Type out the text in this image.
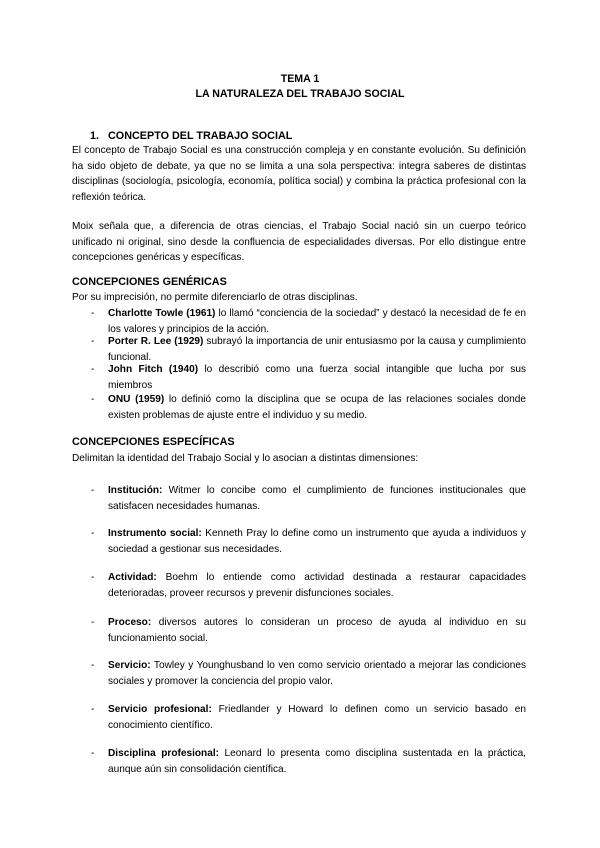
TEMA 1
LA NATURALEZA DEL TRABAJO SOCIAL
1. CONCEPTO DEL TRABAJO SOCIAL

El concepto de Trabajo Social es una construcción compleja y en constante evolución. Su definición ha sido objeto de debate, ya que no se limita a una sola perspectiva: integra saberes de distintas disciplinas (sociología, psicología, economía, política social) y combina la práctica profesional con la reflexión teórica.

Moix señala que, a diferencia de otras ciencias, el Trabajo Social nació sin un cuerpo teórico unificado ni original, sino desde la confluencia de especialidades diversas. Por ello distingue entre concepciones genéricas y específicas.

CONCEPCIONES GENÉRICAS
Por su imprecisión, no permite diferenciarlo de otras disciplinas.
- Charlotte Towle (1961) lo llamó “conciencia de la sociedad” y destacó la necesidad de fe en los valores y principios de la acción.
- Porter R. Lee (1929) subrayó la importancia de unir entusiasmo por la causa y cumplimiento funcional.
- John Fitch (1940) lo describió como una fuerza social intangible que lucha por sus miembros
- ONU (1959) lo definió como la disciplina que se ocupa de las relaciones sociales donde existen problemas de ajuste entre el individuo y su medio.
CONCEPCIONES ESPECÍFICAS
Delimitan la identidad del Trabajo Social y lo asocian a distintas dimensiones:
- Institución: Witmer lo concibe como el cumplimiento de funciones institucionales que satisfacen necesidades humanas.
- Instrumento social: Kenneth Pray lo define como un instrumento que ayuda a individuos y sociedad a gestionar sus necesidades.
- Actividad: Boehm lo entiende como actividad destinada a restaurar capacidades deterioradas, proveer recursos y prevenir disfunciones sociales.
- Proceso: diversos autores lo consideran un proceso de ayuda al individuo en su funcionamiento social.
- Servicio: Towley y Younghusband lo ven como servicio orientado a mejorar las condiciones sociales y promover la conciencia del propio valor.
- Servicio profesional: Friedlander y Howard lo definen como un servicio basado en conocimiento científico.
- Disciplina profesional: Leonard lo presenta como disciplina sustentada en la práctica, aunque aún sin consolidación científica.
